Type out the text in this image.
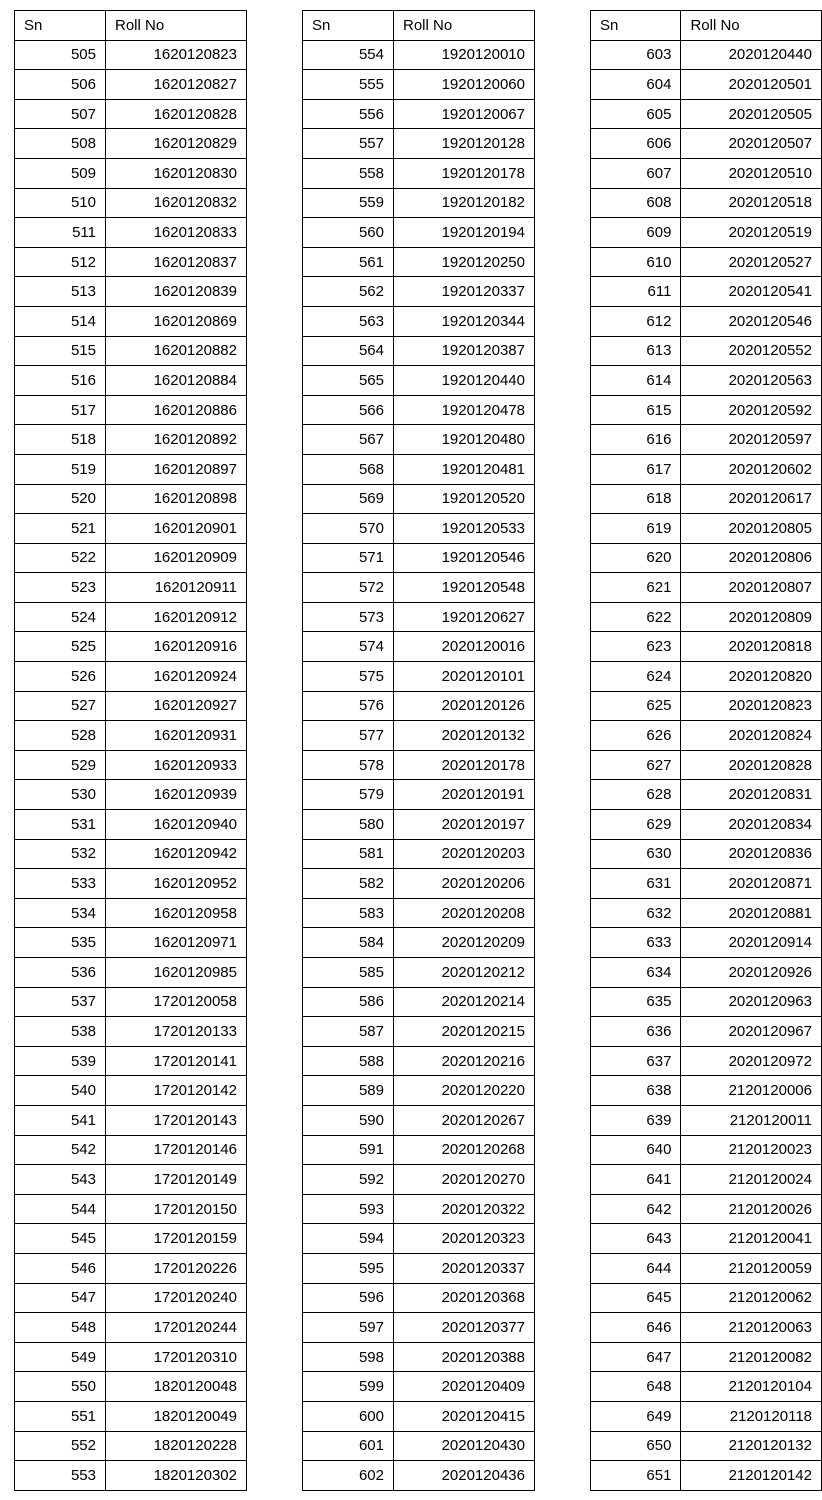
Sn	Roll No
505	1620120823
506	1620120827
507	1620120828
508	1620120829
509	1620120830
510	1620120832
511	1620120833
512	1620120837
513	1620120839
514	1620120869
515	1620120882
516	1620120884
517	1620120886
518	1620120892
519	1620120897
520	1620120898
521	1620120901
522	1620120909
523	1620120911
524	1620120912
525	1620120916
526	1620120924
527	1620120927
528	1620120931
529	1620120933
530	1620120939
531	1620120940
532	1620120942
533	1620120952
534	1620120958
535	1620120971
536	1620120985
537	1720120058
538	1720120133
539	1720120141
540	1720120142
541	1720120143
542	1720120146
543	1720120149
544	1720120150
545	1720120159
546	1720120226
547	1720120240
548	1720120244
549	1720120310
550	1820120048
551	1820120049
552	1820120228
553	1820120302
Sn	Roll No
554	1920120010
555	1920120060
556	1920120067
557	1920120128
558	1920120178
559	1920120182
560	1920120194
561	1920120250
562	1920120337
563	1920120344
564	1920120387
565	1920120440
566	1920120478
567	1920120480
568	1920120481
569	1920120520
570	1920120533
571	1920120546
572	1920120548
573	1920120627
574	2020120016
575	2020120101
576	2020120126
577	2020120132
578	2020120178
579	2020120191
580	2020120197
581	2020120203
582	2020120206
583	2020120208
584	2020120209
585	2020120212
586	2020120214
587	2020120215
588	2020120216
589	2020120220
590	2020120267
591	2020120268
592	2020120270
593	2020120322
594	2020120323
595	2020120337
596	2020120368
597	2020120377
598	2020120388
599	2020120409
600	2020120415
601	2020120430
602	2020120436
Sn	Roll No
603	2020120440
604	2020120501
605	2020120505
606	2020120507
607	2020120510
608	2020120518
609	2020120519
610	2020120527
611	2020120541
612	2020120546
613	2020120552
614	2020120563
615	2020120592
616	2020120597
617	2020120602
618	2020120617
619	2020120805
620	2020120806
621	2020120807
622	2020120809
623	2020120818
624	2020120820
625	2020120823
626	2020120824
627	2020120828
628	2020120831
629	2020120834
630	2020120836
631	2020120871
632	2020120881
633	2020120914
634	2020120926
635	2020120963
636	2020120967
637	2020120972
638	2120120006
639	2120120011
640	2120120023
641	2120120024
642	2120120026
643	2120120041
644	2120120059
645	2120120062
646	2120120063
647	2120120082
648	2120120104
649	2120120118
650	2120120132
651	2120120142
